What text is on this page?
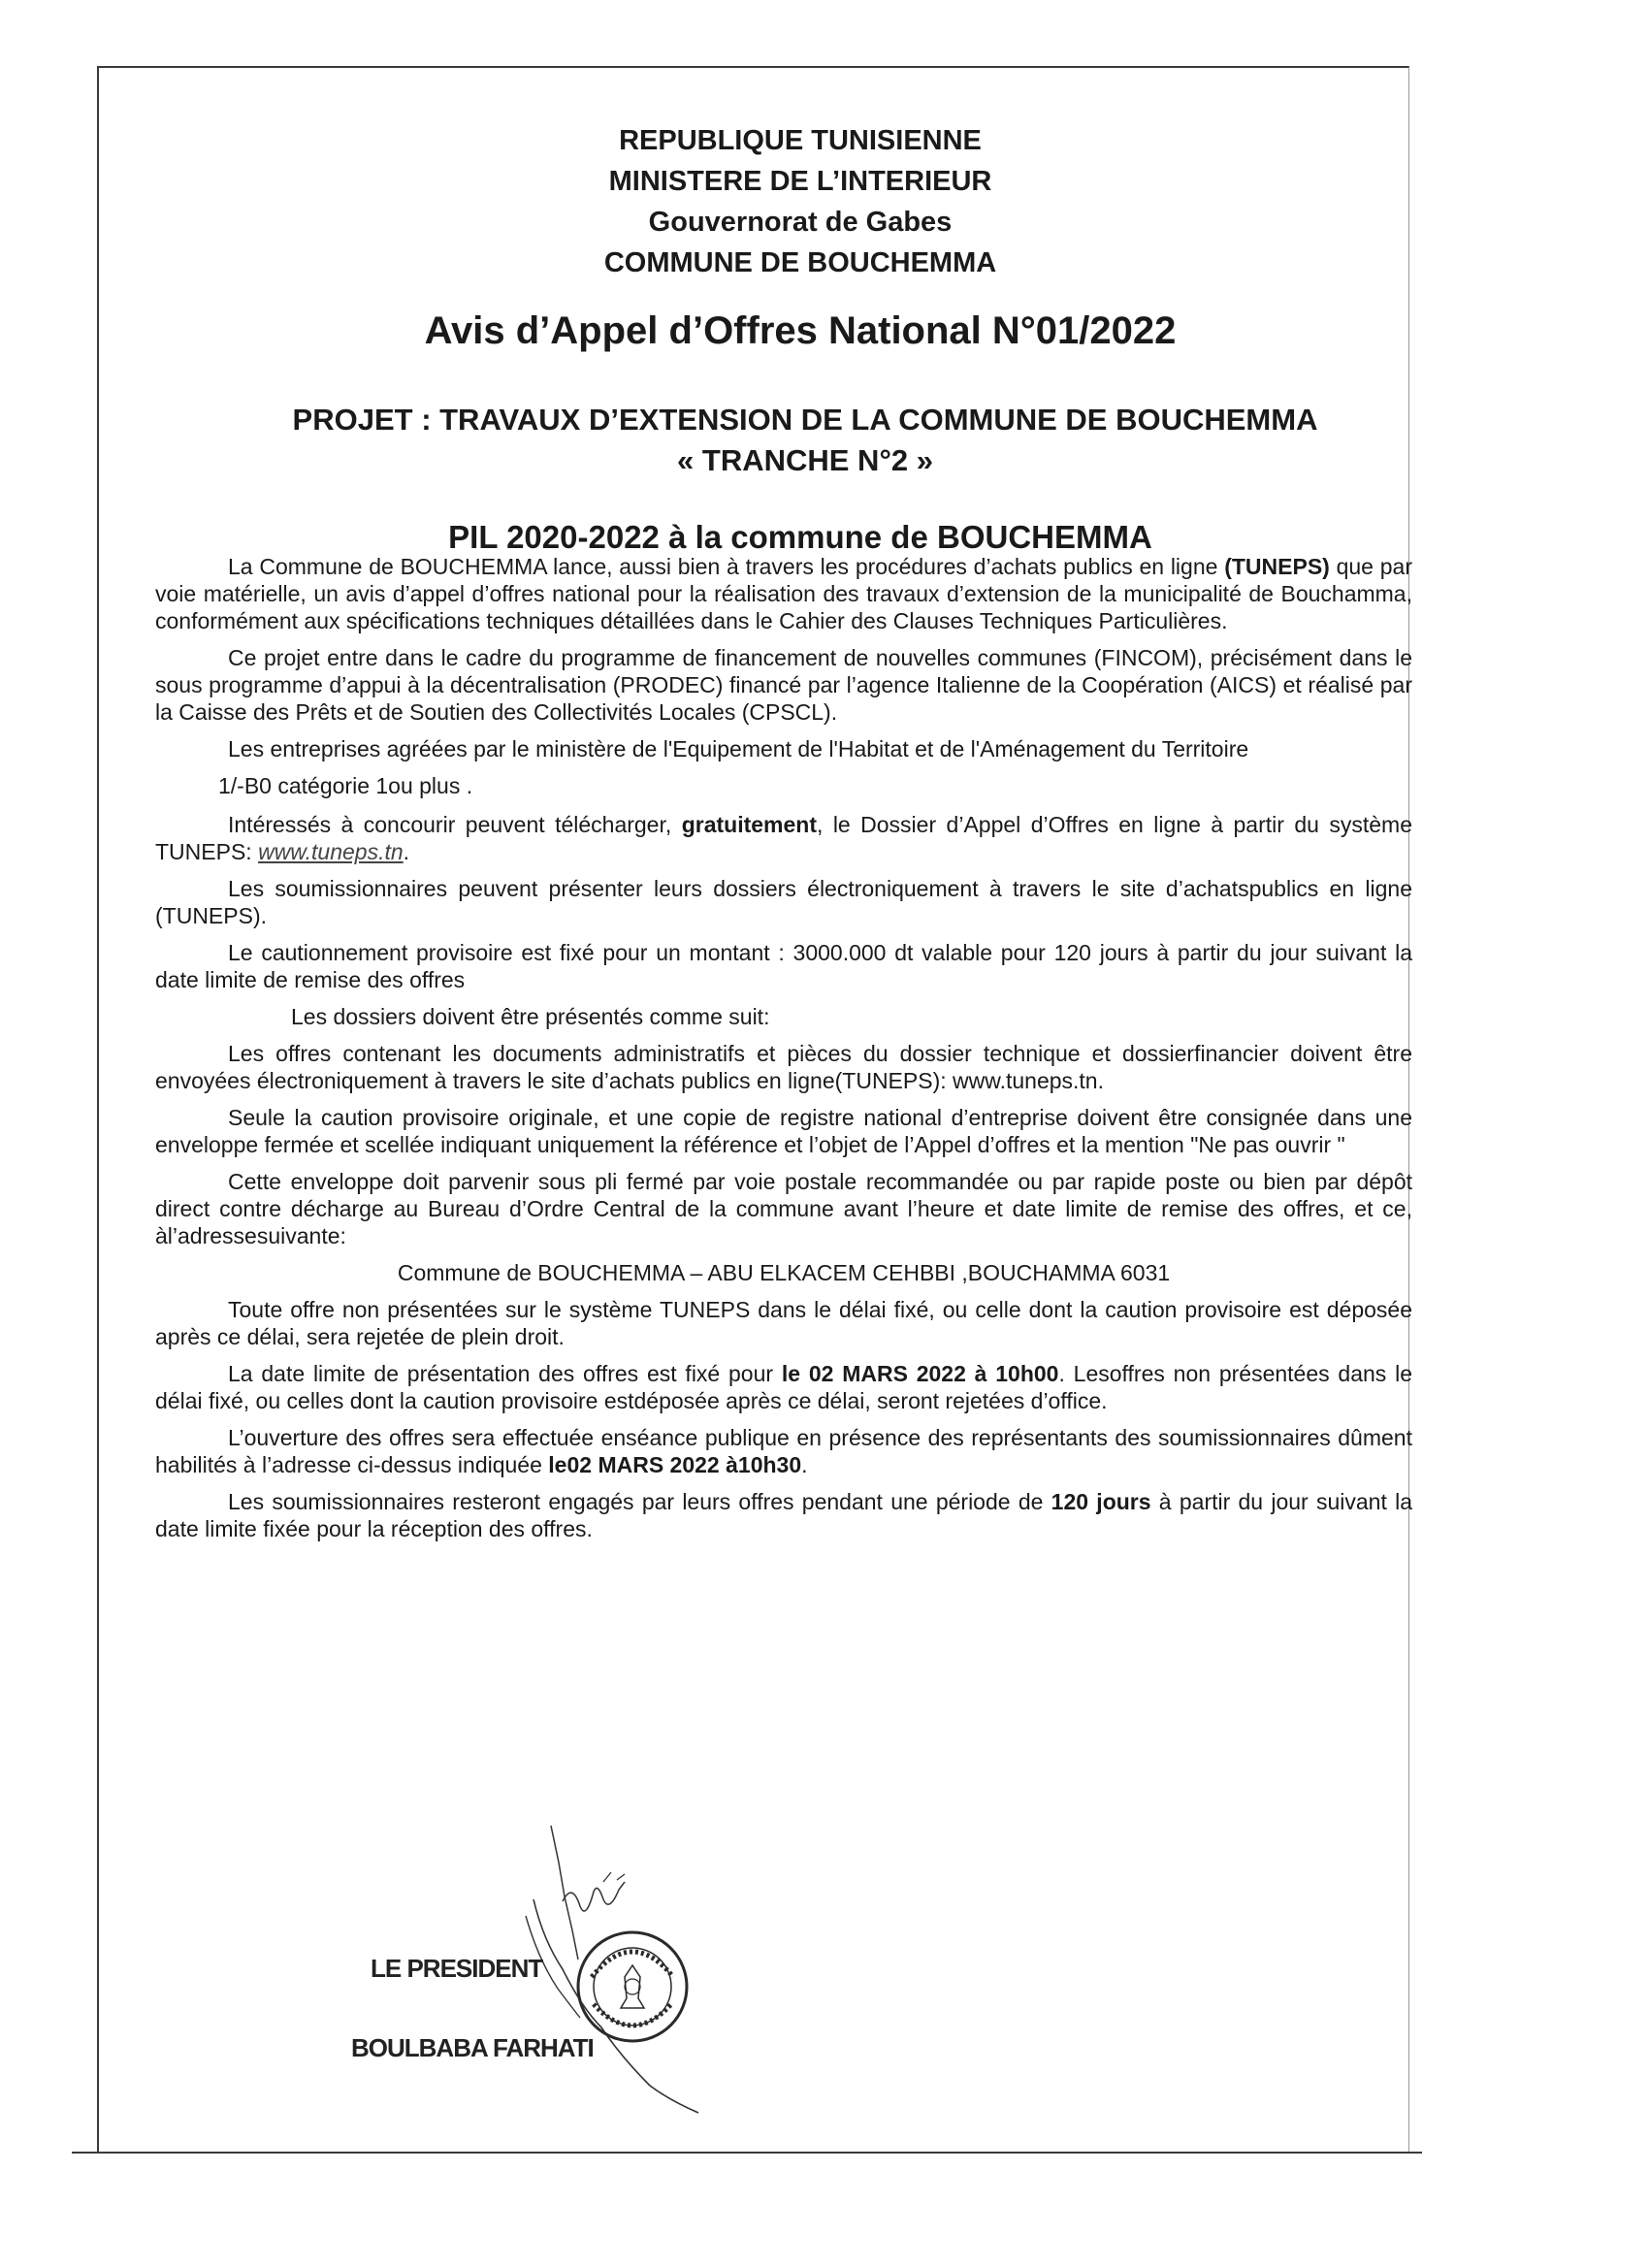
REPUBLIQUE TUNISIENNE
MINISTERE DE L’INTERIEUR
Gouvernorat de Gabes
COMMUNE DE BOUCHEMMA
Avis d’Appel d’Offres National N°01/2022
PROJET : TRAVAUX D’EXTENSION DE LA COMMUNE DE BOUCHEMMA
« TRANCHE N°2 »
PIL 2020-2022 à la commune de BOUCHEMMA

La Commune de BOUCHEMMA lance, aussi bien à travers les procédures d’achats publics en ligne (TUNEPS) que par voie matérielle, un avis d’appel d’offres national pour la réalisation des travaux d’extension de la municipalité de Bouchamma, conformément aux spécifications techniques détaillées dans le Cahier des Clauses Techniques Particulières.

Ce projet entre dans le cadre du programme de financement de nouvelles communes (FINCOM), précisément dans le sous programme d’appui à la décentralisation (PRODEC) financé par l’agence Italienne de la Coopération (AICS) et réalisé par la Caisse des Prêts et de Soutien des Collectivités Locales (CPSCL).

Les entreprises agréées par le ministère de l'Equipement de l'Habitat et de l'Aménagement du Territoire

1/-B0 catégorie 1ou plus .

Intéressés à concourir peuvent télécharger, gratuitement, le Dossier d’Appel d’Offres en ligne à partir du système TUNEPS: www.tuneps.tn.

Les soumissionnaires peuvent présenter leurs dossiers électroniquement à travers le site d’achatspublics en ligne (TUNEPS).

Le cautionnement provisoire est fixé pour un montant : 3000.000 dt valable pour 120 jours à partir du jour suivant la date limite de remise des offres

Les dossiers doivent être présentés comme suit:

Les offres contenant les documents administratifs et pièces du dossier technique et dossierfinancier doivent être envoyées électroniquement à travers le site d’achats publics en ligne(TUNEPS): www.tuneps.tn.

Seule la caution provisoire originale, et une copie de registre national d’entreprise doivent être consignée dans une enveloppe fermée et scellée indiquant uniquement la référence et l’objet de l’Appel d’offres et la mention "Ne pas ouvrir "

Cette enveloppe doit parvenir sous pli fermé par voie postale recommandée ou par rapide poste ou bien par dépôt direct contre décharge au Bureau d’Ordre Central de la commune avant l’heure et date limite de remise des offres, et ce, àl’adressesuivante:

Commune de BOUCHEMMA – ABU ELKACEM CEHBBI ,BOUCHAMMA 6031

Toute offre non présentées sur le système TUNEPS dans le délai fixé, ou celle dont la caution provisoire est déposée après ce délai, sera rejetée de plein droit.

La date limite de présentation des offres est fixé pour le 02 MARS 2022 à 10h00. Lesoffres non présentées dans le délai fixé, ou celles dont la caution provisoire estdéposée après ce délai, seront rejetées d’office.

L’ouverture des offres sera effectuée enséance publique en présence des représentants des soumissionnaires dûment habilités à l’adresse ci-dessus indiquée le02 MARS 2022 à10h30.

Les soumissionnaires resteront engagés par leurs offres pendant une période de 120 jours à partir du jour suivant la date limite fixée pour la réception des offres.

LE PRESIDENT
BOULBABA FARHATI
